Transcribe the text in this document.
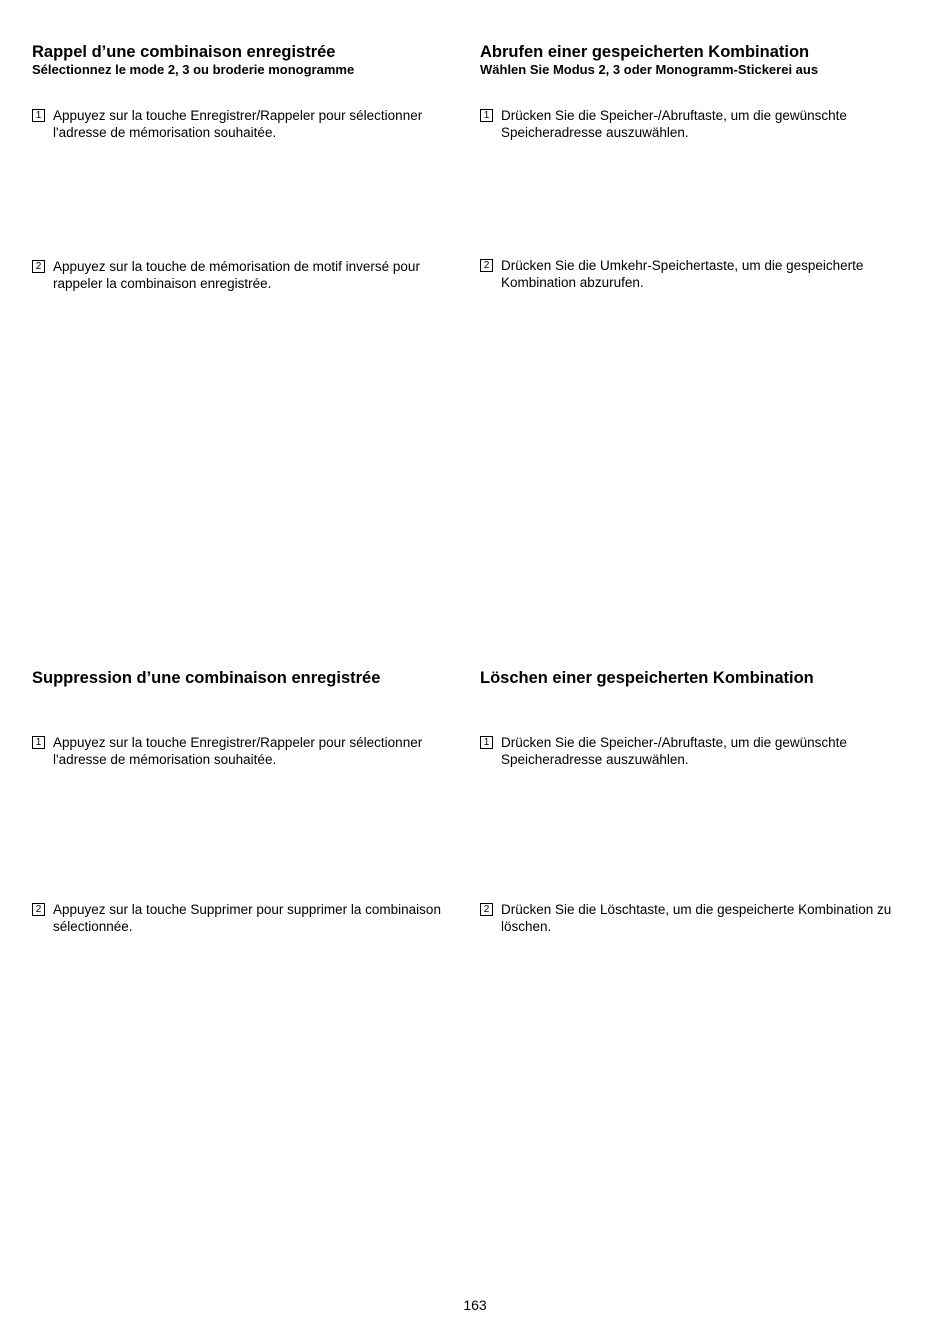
Rappel d’une combinaison enregistrée
Sélectionnez le mode 2, 3 ou broderie monogramme
1 Appuyez sur la touche Enregistrer/Rappeler pour sélectionner l'adresse de mémorisation souhaitée.
2 Appuyez sur la touche de mémorisation de motif inversé pour rappeler la combinaison enregistrée.
Abrufen einer gespeicherten Kombination
Wählen Sie Modus 2, 3 oder Monogramm-Stickerei aus
1 Drücken Sie die Speicher-/Abruftaste, um die gewünschte Speicheradresse auszuwählen.
2 Drücken Sie die Umkehr-Speichertaste, um die gespeicherte Kombination abzurufen.
Suppression d’une combinaison enregistrée
1 Appuyez sur la touche Enregistrer/Rappeler pour sélectionner l'adresse de mémorisation souhaitée.
2 Appuyez sur la touche Supprimer pour supprimer la combinaison sélectionnée.
Löschen einer gespeicherten Kombination
1 Drücken Sie die Speicher-/Abruftaste, um die gewünschte Speicheradresse auszuwählen.
2 Drücken Sie die Löschtaste, um die gespeicherte Kombination zu löschen.
163
